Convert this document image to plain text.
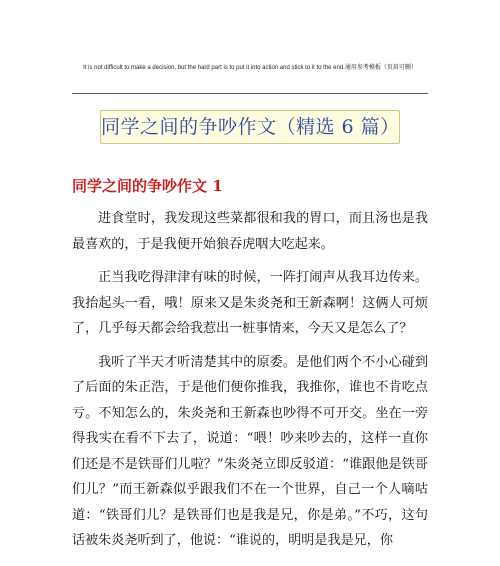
It is not difficult to make a decision, but the hard part is to put it into action and stick to it to the end.通用参考模板（页眉可删）
同学之间的争吵作文（精选 6 篇）
同学之间的争吵作文 1

进食堂时，我发现这些菜都很和我的胃口，而且汤也是我最喜欢的，于是我便开始狼吞虎咽大吃起来。

正当我吃得津津有味的时候，一阵打闹声从我耳边传来。我抬起头一看，哦！原来又是朱炎尧和王新森啊！这俩人可烦了，几乎每天都会给我惹出一桩事情来，今天又是怎么了？

我听了半天才听清楚其中的原委。是他们两个不小心碰到了后面的朱正浩，于是他们便你推我，我推你，谁也不肯吃点亏。不知怎么的，朱炎尧和王新森也吵得不可开交。坐在一旁得我实在看不下去了，说道：“喂！吵来吵去的，这样一直你们还是不是铁哥们儿啦？”朱炎尧立即反驳道：“谁跟他是铁哥们儿？”而王新森似乎跟我们不在一个世界，自己一个人嘀咕道：“铁哥们儿？是铁哥们也是我是兄，你是弟。”不巧，这句话被朱炎尧听到了，他说：“谁说的，明明是我是兄，你
